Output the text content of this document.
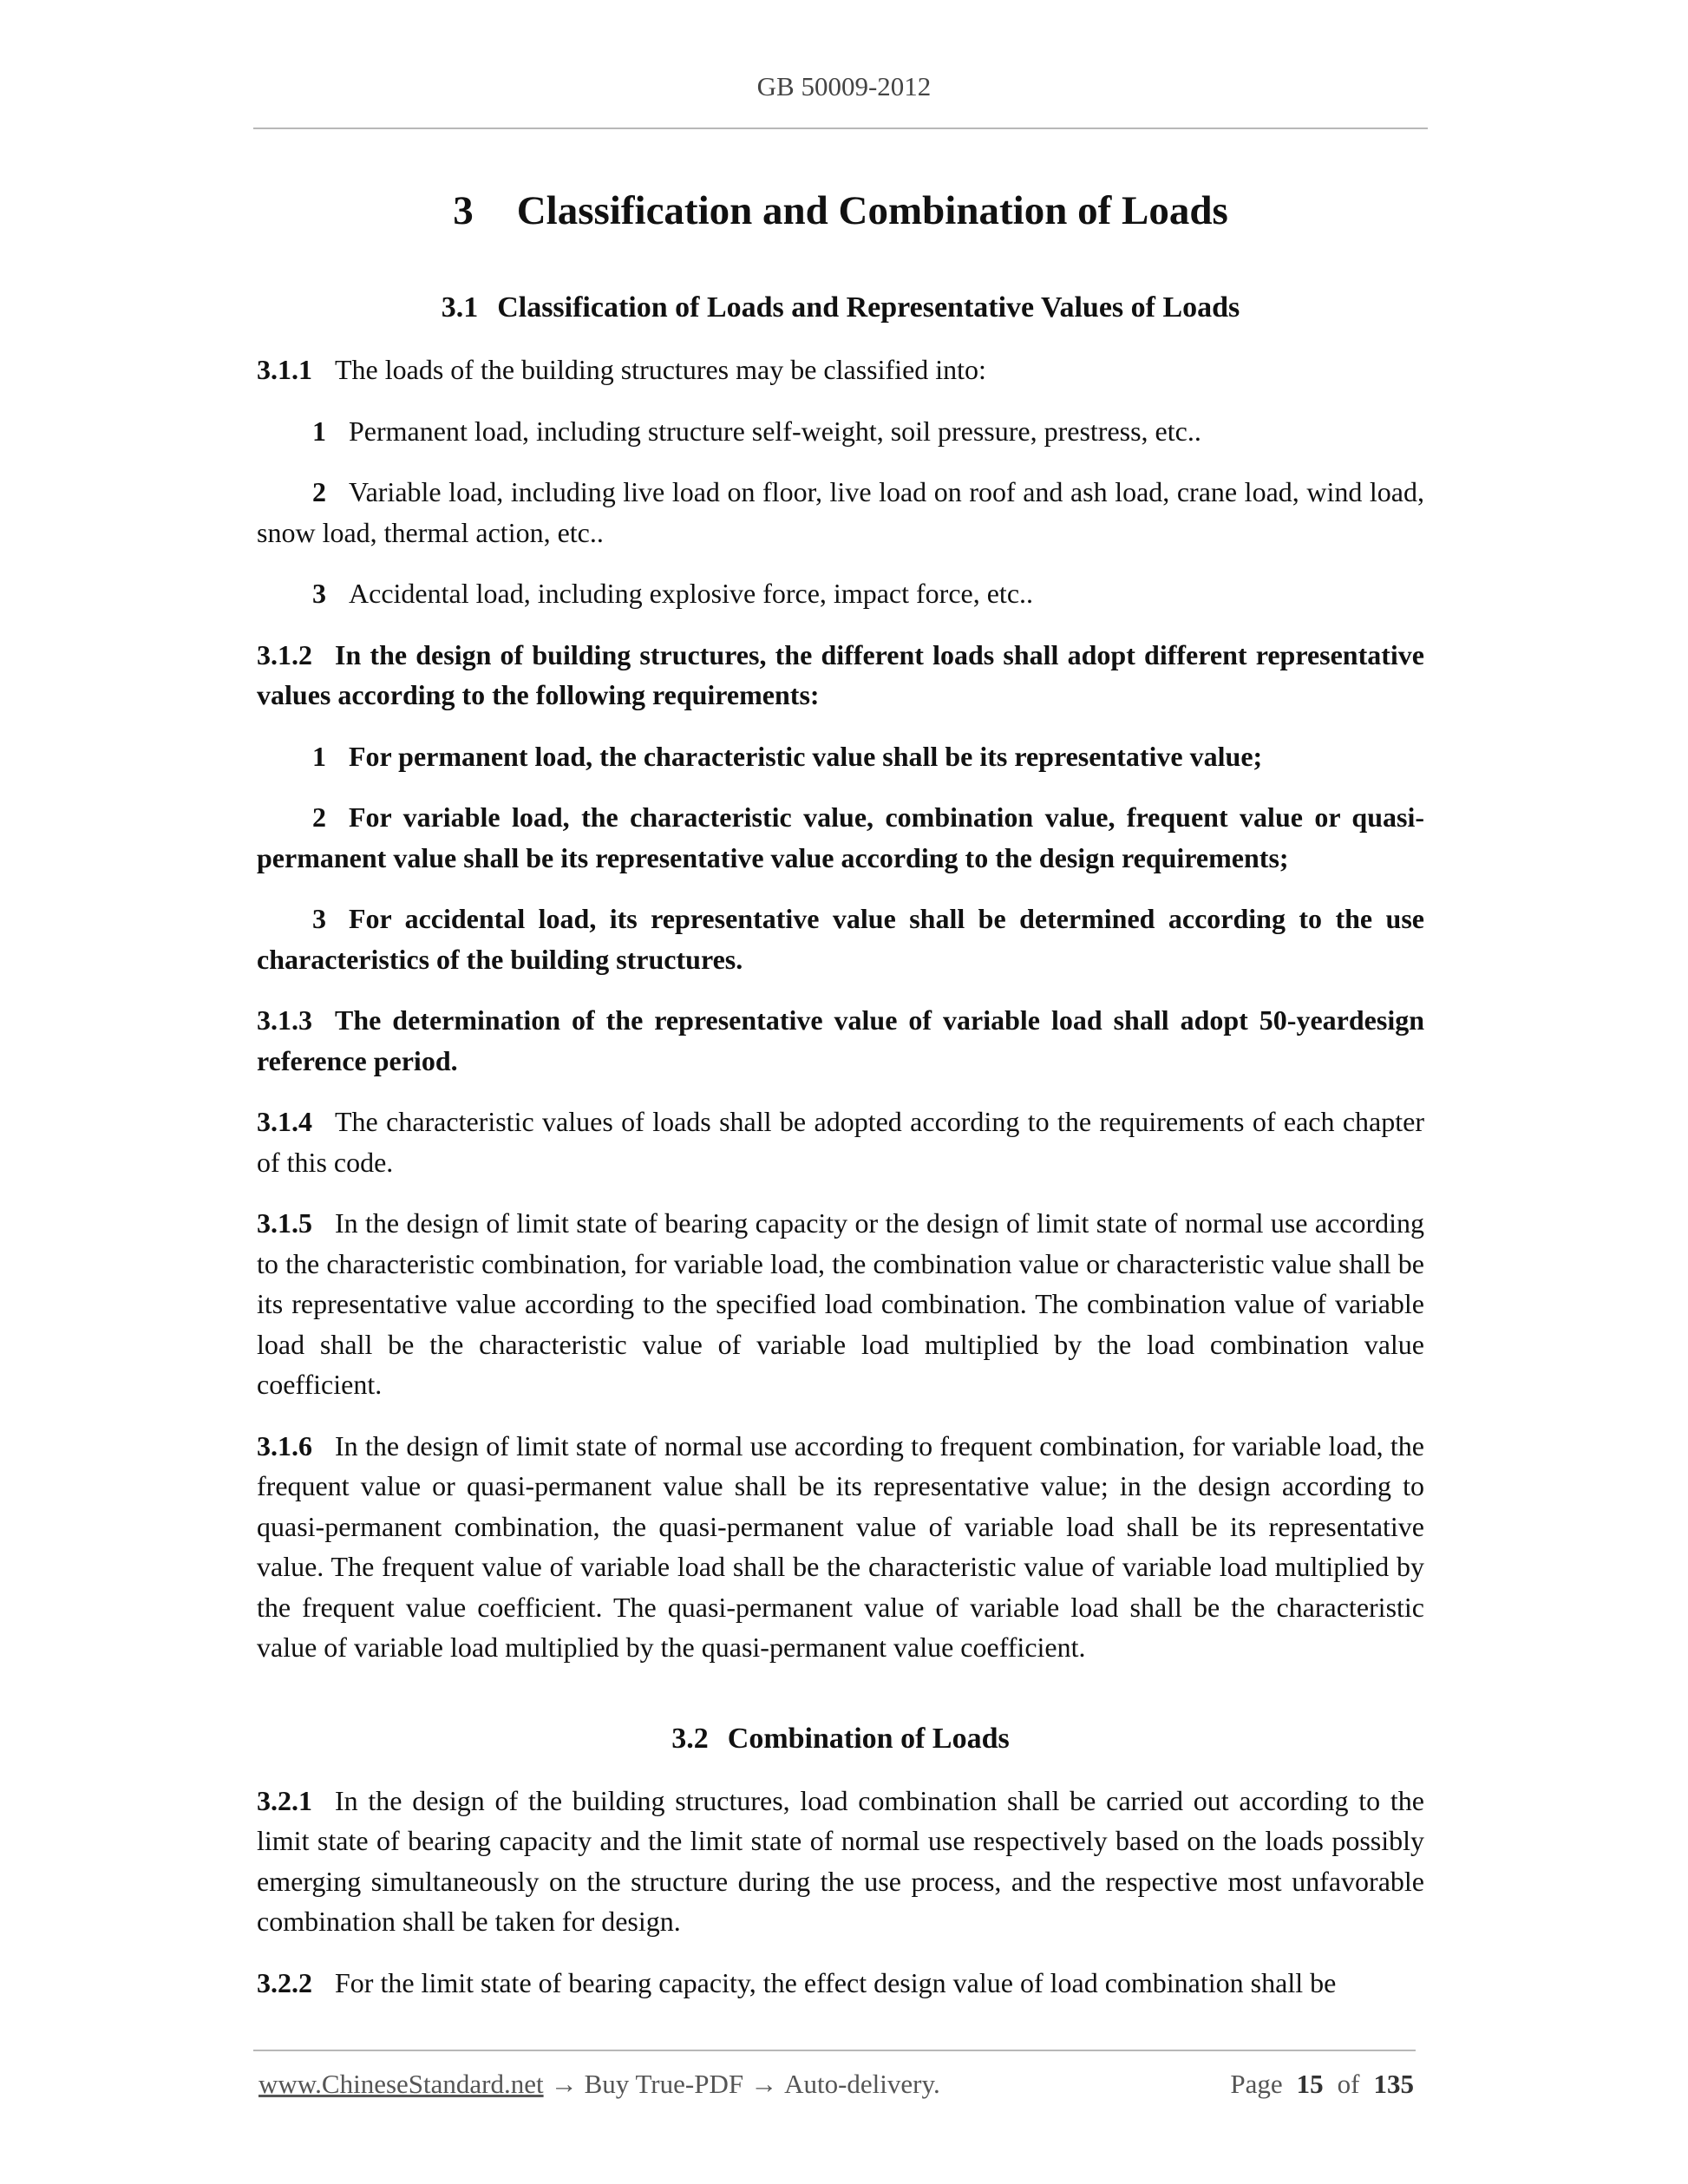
GB 50009-2012
3 Classification and Combination of Loads
3.1 Classification of Loads and Representative Values of Loads

3.1.1 The loads of the building structures may be classified into:

1 Permanent load, including structure self-weight, soil pressure, prestress, etc..

2 Variable load, including live load on floor, live load on roof and ash load, crane load, wind load, snow load, thermal action, etc..

3 Accidental load, including explosive force, impact force, etc..

3.1.2 In the design of building structures, the different loads shall adopt different representative values according to the following requirements:

1 For permanent load, the characteristic value shall be its representative value;

2 For variable load, the characteristic value, combination value, frequent value or quasi-permanent value shall be its representative value according to the design requirements;

3 For accidental load, its representative value shall be determined according to the use characteristics of the building structures.

3.1.3 The determination of the representative value of variable load shall adopt 50-yeardesign reference period.

3.1.4 The characteristic values of loads shall be adopted according to the requirements of each chapter of this code.

3.1.5 In the design of limit state of bearing capacity or the design of limit state of normal use according to the characteristic combination, for variable load, the combination value or characteristic value shall be its representative value according to the specified load combination. The combination value of variable load shall be the characteristic value of variable load multiplied by the load combination value coefficient.

3.1.6 In the design of limit state of normal use according to frequent combination, for variable load, the frequent value or quasi-permanent value shall be its representative value; in the design according to quasi-permanent combination, the quasi-permanent value of variable load shall be its representative value. The frequent value of variable load shall be the characteristic value of variable load multiplied by the frequent value coefficient. The quasi-permanent value of variable load shall be the characteristic value of variable load multiplied by the quasi-permanent value coefficient.

3.2 Combination of Loads

3.2.1 In the design of the building structures, load combination shall be carried out according to the limit state of bearing capacity and the limit state of normal use respectively based on the loads possibly emerging simultaneously on the structure during the use process, and the respective most unfavorable combination shall be taken for design.

3.2.2 For the limit state of bearing capacity, the effect design value of load combination shall be

www.ChineseStandard.net → Buy True-PDF → Auto-delivery.	Page 15 of 135
